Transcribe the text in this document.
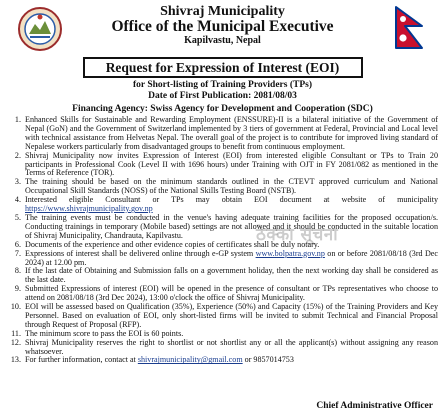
Shivraj Municipality
Office of the Municipal Executive
Kapilvastu, Nepal
Request for Expression of Interest (EOI)
for Short-listing of Training Providers (TPs)
Date of First Publication: 2081/08/03
Financing Agency: Swiss Agency for Development and Cooperation (SDC)
1. Enhanced Skills for Sustainable and Rewarding Employment (ENSSURE)-II is a bilateral initiative of the Government of Nepal (GoN) and the Government of Switzerland implemented by 3 tiers of government at Federal, Provincial and Local level with technical assistance from Helvetas Nepal. The overall goal of the project is to contribute for improved living standard of Nepalese workers particularly from disadvantaged groups to benefit from continuous employment.
2. Shivraj Municipality now invites Expression of Interest (EOI) from interested eligible Consultant or TPs to Train 20 participants in Professional Cook (Level II with 1696 hours) under Training with OJT in FY 2081/082 as mentioned in the Terms of Reference (TOR).
3. The training should be based on the minimum standards outlined in the CTEVT approved curriculum and National Occupational Skill Standards (NOSS) of the National Skills Testing Board (NSTB).
4. Interested eligible Consultant or TPs may obtain EOI document at website of municipality https://www.shivrajmunicipality.gov.np
5. The training events must be conducted in the venue's having adequate training facilities for the proposed occupation/s. Conducting trainings in temporary (Mobile based) settings are not allowed and it should be conducted in the suitable location of Shivraj Municipality, Chandrauta, Kapilvastu.
6. Documents of the experience and other evidence copies of certificates shall be duly notary.
7. Expressions of interest shall be delivered online through e-GP system www.bolpatra.gov.np on or before 2081/08/18 (3rd Dec 2024) at 12.00 pm.
8. If the last date of Obtaining and Submission falls on a government holiday, then the next working day shall be considered as the last date.
9. Submitted Expressions of interest (EOI) will be opened in the presence of consultant or TPs representatives who choose to attend on 2081/08/18 (3rd Dec 2024), 13:00 o'clock the office of Shivraj Municipality.
10. EOI will be assessed based on Qualification (35%), Experience (50%) and Capacity (15%) of the Training Providers and Key Personnel. Based on evaluation of EOI, only short-listed firms will be invited to submit Technical and Financial Proposal through Request of Proposal (RFP).
11. The minimum score to pass the EOI is 60 points.
12. Shivraj Municipality reserves the right to shortlist or not shortlist any or all the applicant(s) without assigning any reason whatsoever.
13. For further information, contact at shivrajmunicipality@gmail.com or 9857014753
ठेक्का सूचना
Chief Administrative Officer
